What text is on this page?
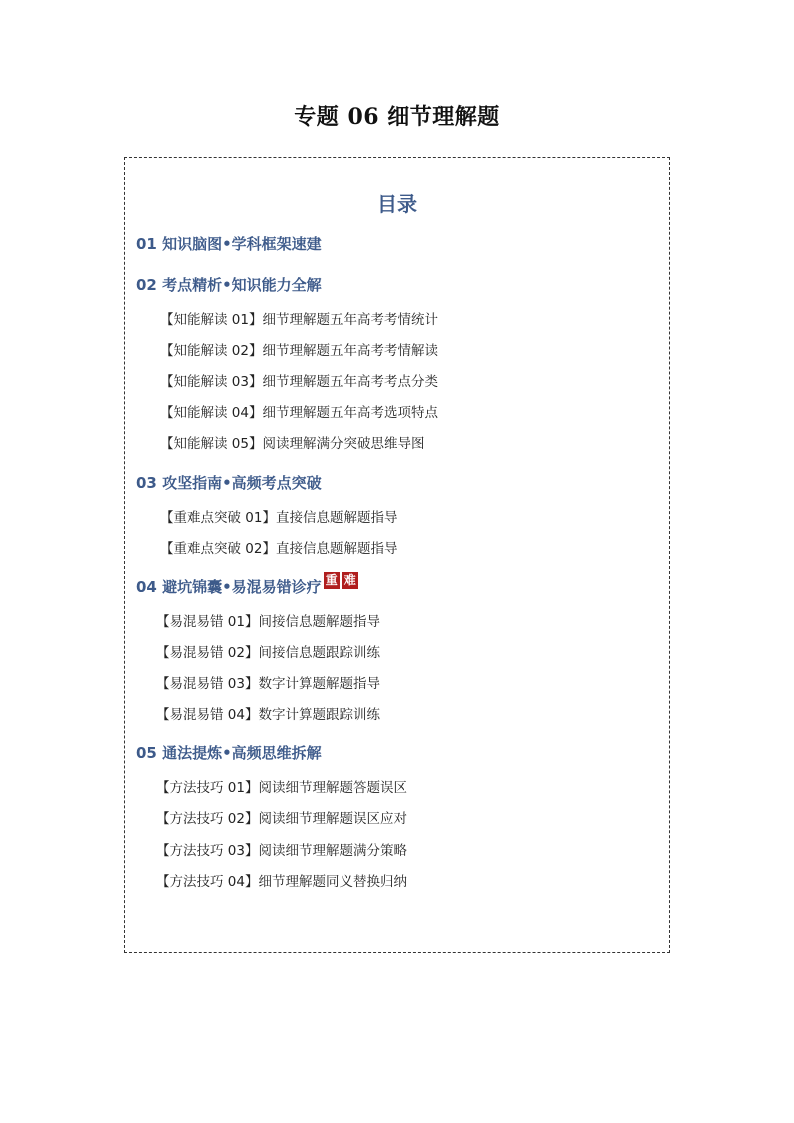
专题 06 细节理解题
目录
01 知识脑图•学科框架速建
02 考点精析•知识能力全解
【知能解读 01】细节理解题五年高考考情统计
【知能解读 02】细节理解题五年高考考情解读
【知能解读 03】细节理解题五年高考考点分类
【知能解读 04】细节理解题五年高考选项特点
【知能解读 05】阅读理解满分突破思维导图
03 攻坚指南•高频考点突破
【重难点突破 01】直接信息题解题指导
【重难点突破 02】直接信息题解题指导
04 避坑锦囊•易混易错诊疗 重 难
【易混易错 01】间接信息题解题指导
【易混易错 02】间接信息题跟踪训练
【易混易错 03】数字计算题解题指导
【易混易错 04】数字计算题跟踪训练
05 通法提炼•高频思维拆解
【方法技巧 01】阅读细节理解题答题误区
【方法技巧 02】阅读细节理解题误区应对
【方法技巧 03】阅读细节理解题满分策略
【方法技巧 04】细节理解题同义替换归纳
